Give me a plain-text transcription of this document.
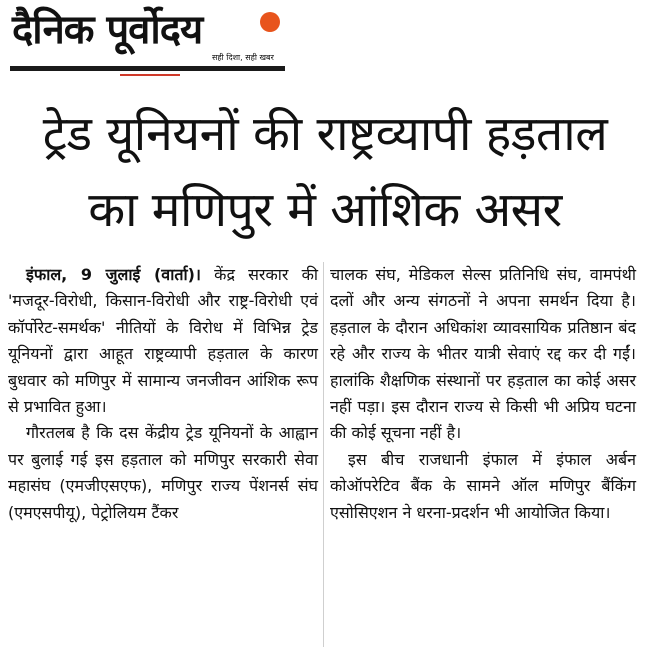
दैनिक पूर्वोदय
सही दिशा, सही खबर
ट्रेड यूनियनों की राष्ट्रव्यापी हड़ताल
का मणिपुर में आंशिक असर

इंफाल, 9 जुलाई (वार्ता)। केंद्र सरकार की 'मजदूर-विरोधी, किसान-विरोधी और राष्ट्र-विरोधी एवं कॉर्पोरेट-समर्थक' नीतियों के विरोध में विभिन्न ट्रेड यूनियनों द्वारा आहूत राष्ट्रव्यापी हड़ताल के कारण बुधवार को मणिपुर में सामान्य जनजीवन आंशिक रूप से प्रभावित हुआ।

गौरतलब है कि दस केंद्रीय ट्रेड यूनियनों के आह्वान पर बुलाई गई इस हड़ताल को मणिपुर सरकारी सेवा महासंघ (एमजीएसएफ), मणिपुर राज्य पेंशनर्स संघ (एमएसपीयू), पेट्रोलियम टैंकर

चालक संघ, मेडिकल सेल्स प्रतिनिधि संघ, वामपंथी दलों और अन्य संगठनों ने अपना समर्थन दिया है। हड़ताल के दौरान अधिकांश व्यावसायिक प्रतिष्ठान बंद रहे और राज्य के भीतर यात्री सेवाएं रद्द कर दी गईं। हालांकि शैक्षणिक संस्थानों पर हड़ताल का कोई असर नहीं पड़ा। इस दौरान राज्य से किसी भी अप्रिय घटना की कोई सूचना नहीं है।

इस बीच राजधानी इंफाल में इंफाल अर्बन कोऑपरेटिव बैंक के सामने ऑल मणिपुर बैंकिंग एसोसिएशन ने धरना-प्रदर्शन भी आयोजित किया।
